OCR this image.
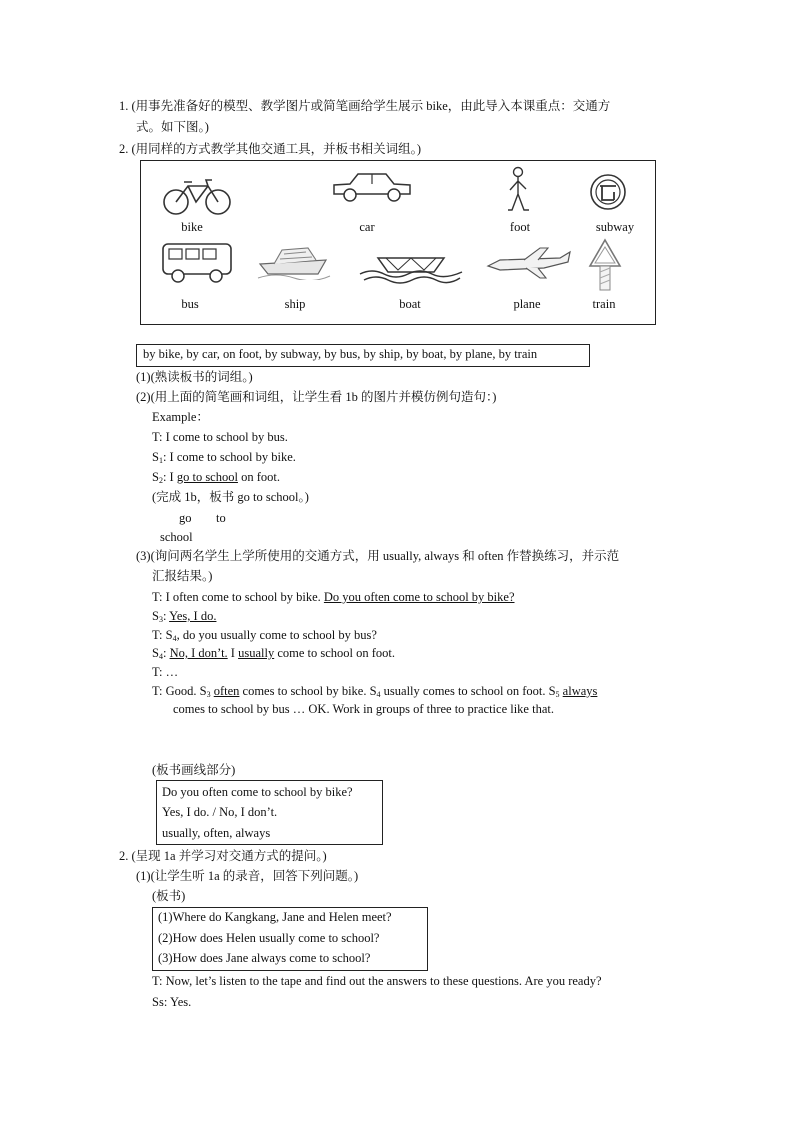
1. (用事先准备好的模型、教学图片或简笔画给学生展示 bike，由此导入本课重点：交通方
式。如下图。)
2. (用同样的方式教学其他交通工具，并板书相关词组。)
bike	car	foot	subway
bus	ship	boat	plane	train
by bike, by car, on foot, by subway, by bus, by ship, by boat, by plane, by train
(1)(熟读板书的词组。)
(2)(用上面的简笔画和词组，让学生看 1b 的图片并模仿例句造句：)
Example：
T: I come to school by bus.
$S_1$: I come to school by bike.
$S_2$: I go to school on foot.
(完成 1b，板书 go to school。)
go to
school
(3)(询问两名学生上学所使用的交通方式，用 usually, always 和 often 作替换练习，并示范
汇报结果。)
T: I often come to school by bike. Do you often come to school by bike?
$S_3$: Yes, I do.
T: $S_4$, do you usually come to school by bus?
$S_4$: No, I don’t. I usually come to school on foot.
T: …
T: Good. $S_3$ often comes to school by bike. $S_4$ usually comes to school on foot. $S_5$ always
comes to school by bus … OK. Work in groups of three to practice like that.
(板书画线部分)
Do you often come to school by bike?
Yes, I do. / No, I don’t.
usually, often, always
2. (呈现 1a 并学习对交通方式的提问。)
(1)(让学生听 1a 的录音，回答下列问题。)
(板书)
(1)Where do Kangkang, Jane and Helen meet?
(2)How does Helen usually come to school?
(3)How does Jane always come to school?
T: Now, let’s listen to the tape and find out the answers to these questions. Are you ready?
Ss: Yes.
